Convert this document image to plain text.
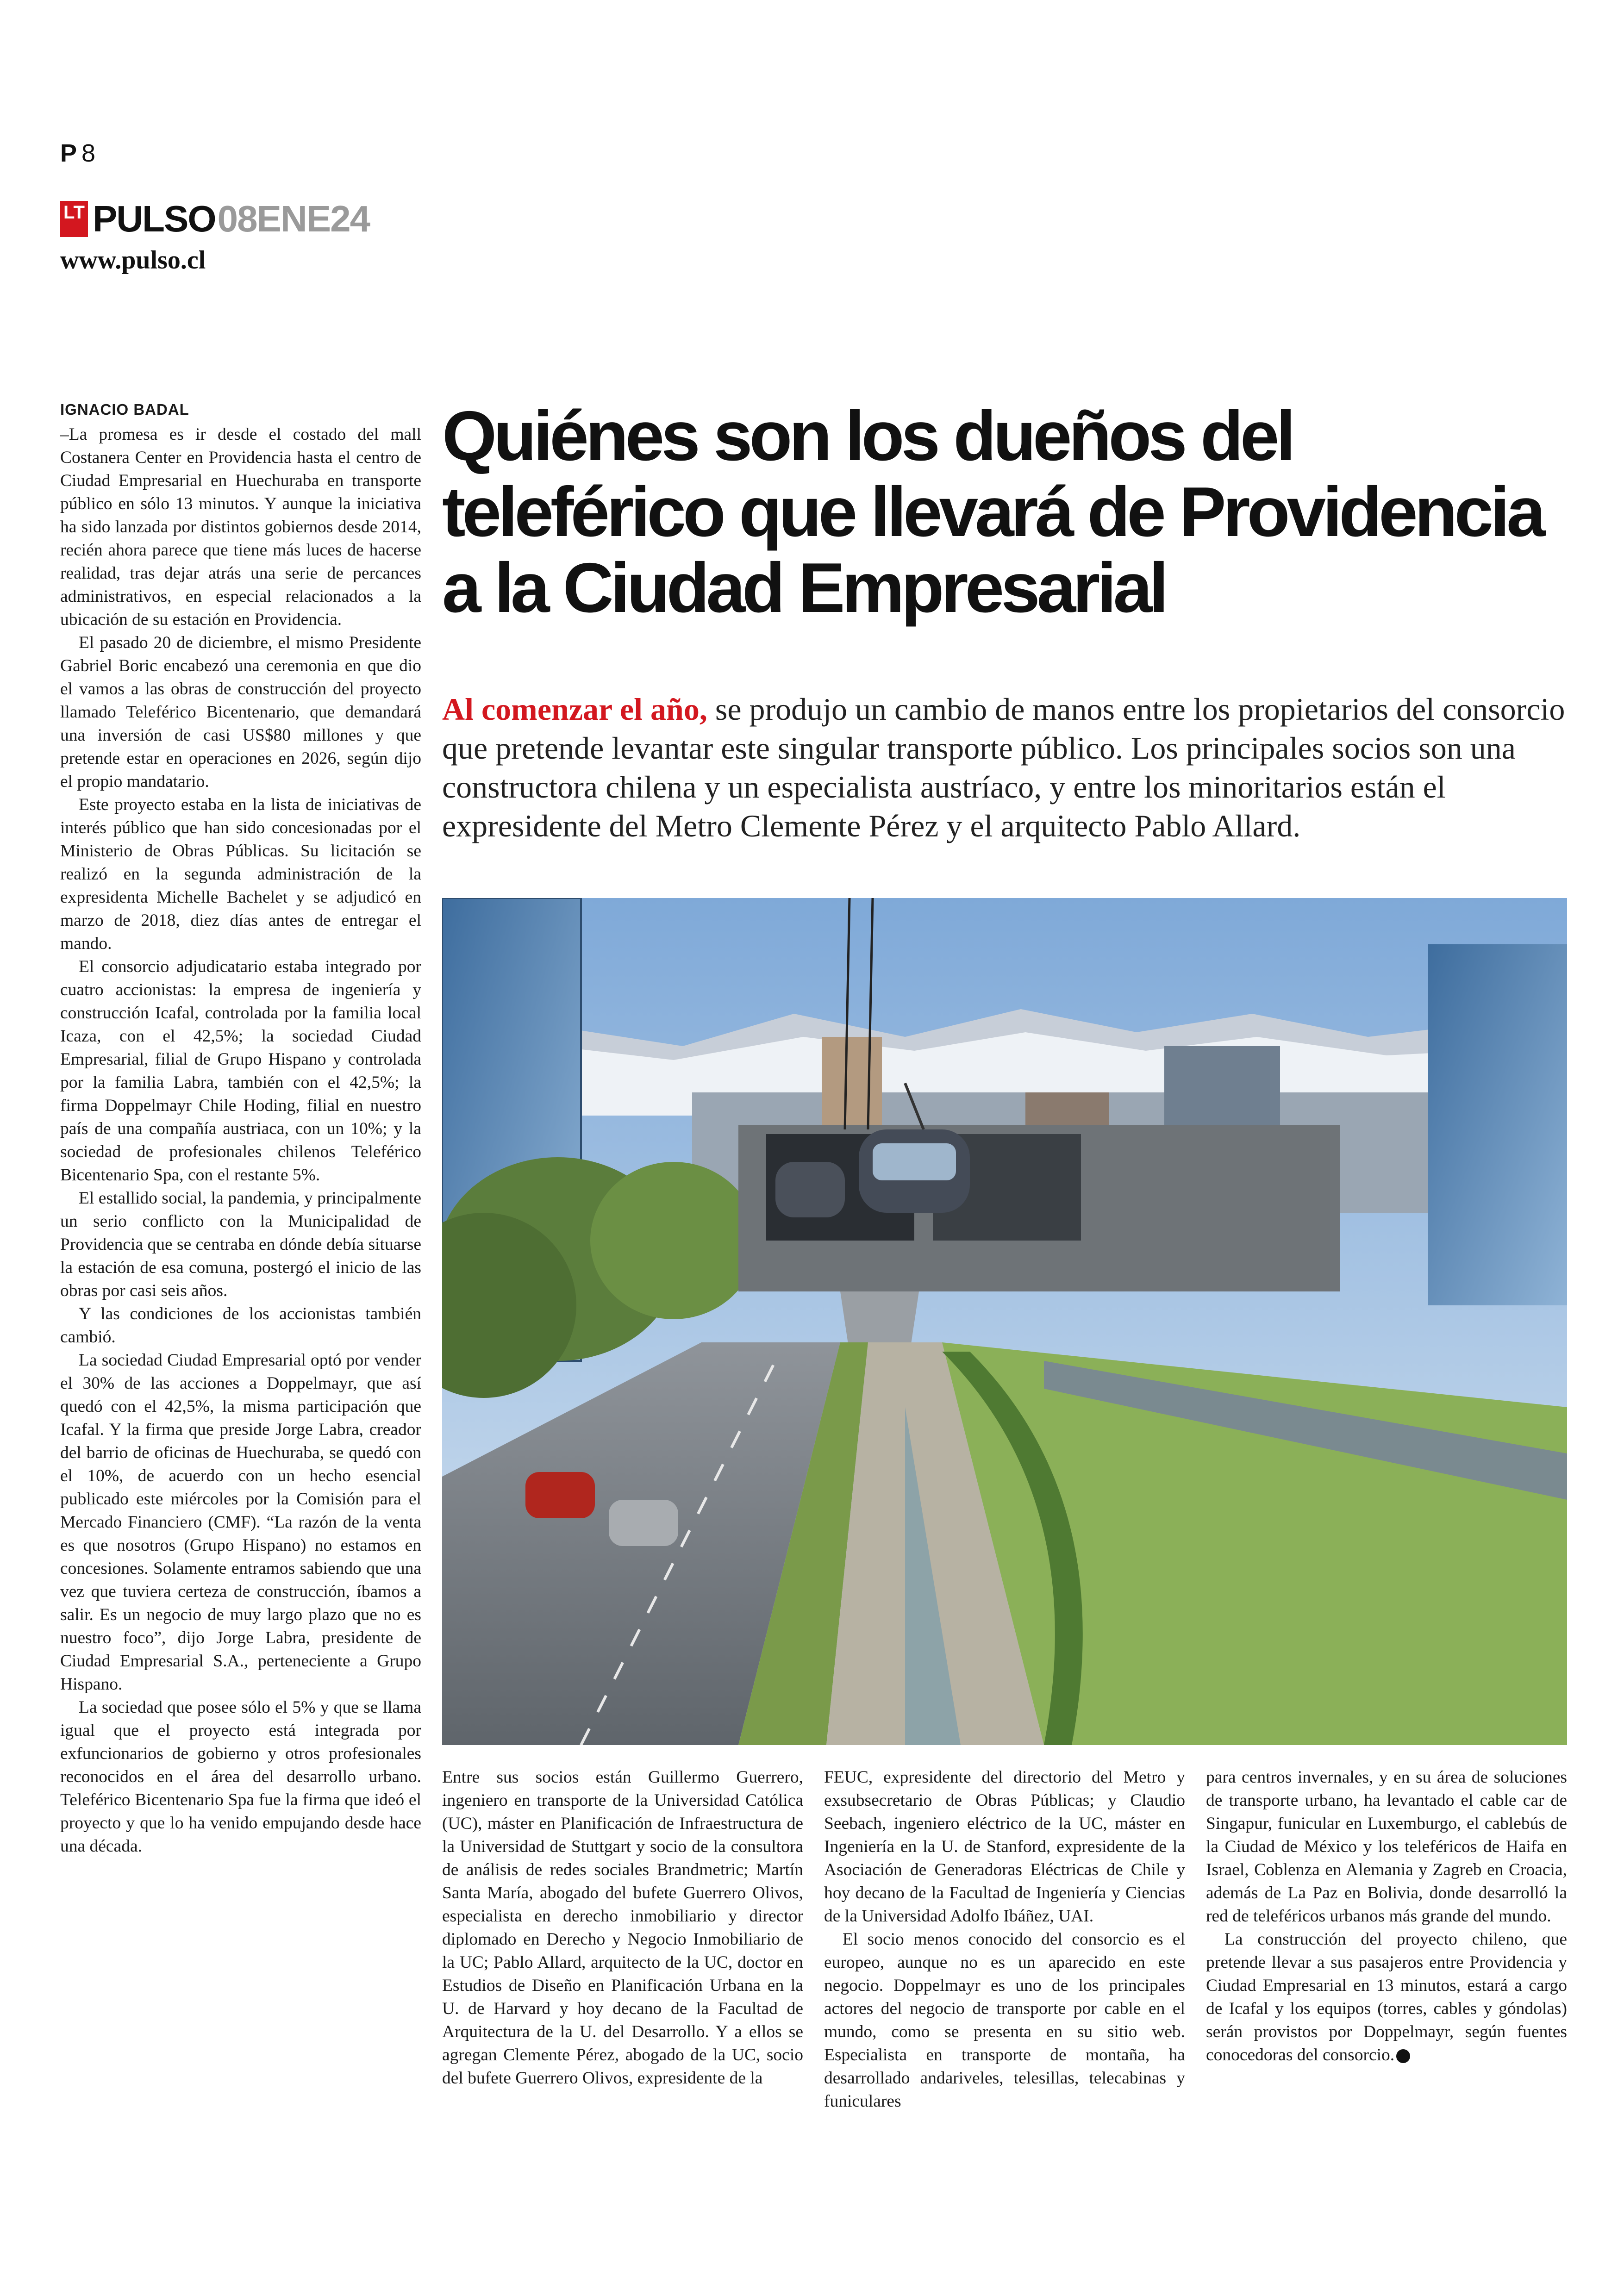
P 8
LT PULSO 08ENE24
www.pulso.cl
IGNACIO BADAL

–La promesa es ir desde el costado del mall Costanera Center en Providencia hasta el centro de Ciudad Empresarial en Huechuraba en transporte público en sólo 13 minutos. Y aunque la iniciativa ha sido lanzada por distintos gobiernos desde 2014, recién ahora parece que tiene más luces de hacerse realidad, tras dejar atrás una serie de percances administrativos, en especial relacionados a la ubicación de su estación en Providencia.

El pasado 20 de diciembre, el mismo Presidente Gabriel Boric encabezó una ceremonia en que dio el vamos a las obras de construcción del proyecto llamado Teleférico Bicentenario, que demandará una inversión de casi US$80 millones y que pretende estar en operaciones en 2026, según dijo el propio mandatario.

Este proyecto estaba en la lista de iniciativas de interés público que han sido concesionadas por el Ministerio de Obras Públicas. Su licitación se realizó en la segunda administración de la expresidenta Michelle Bachelet y se adjudicó en marzo de 2018, diez días antes de entregar el mando.

El consorcio adjudicatario estaba integrado por cuatro accionistas: la empresa de ingeniería y construcción Icafal, controlada por la familia local Icaza, con el 42,5%; la sociedad Ciudad Empresarial, filial de Grupo Hispano y controlada por la familia Labra, también con el 42,5%; la firma Doppelmayr Chile Hoding, filial en nuestro país de una compañía austriaca, con un 10%; y la sociedad de profesionales chilenos Teleférico Bicentenario Spa, con el restante 5%.

El estallido social, la pandemia, y principalmente un serio conflicto con la Municipalidad de Providencia que se centraba en dónde debía situarse la estación de esa comuna, postergó el inicio de las obras por casi seis años.

Y las condiciones de los accionistas también cambió.

La sociedad Ciudad Empresarial optó por vender el 30% de las acciones a Doppelmayr, que así quedó con el 42,5%, la misma participación que Icafal. Y la firma que preside Jorge Labra, creador del barrio de oficinas de Huechuraba, se quedó con el 10%, de acuerdo con un hecho esencial publicado este miércoles por la Comisión para el Mercado Financiero (CMF). “La razón de la venta es que nosotros (Grupo Hispano) no estamos en concesiones. Solamente entramos sabiendo que una vez que tuviera certeza de construcción, íbamos a salir. Es un negocio de muy largo plazo que no es nuestro foco”, dijo Jorge Labra, presidente de Ciudad Empresarial S.A., perteneciente a Grupo Hispano.

La sociedad que posee sólo el 5% y que se llama igual que el proyecto está integrada por exfuncionarios de gobierno y otros profesionales reconocidos en el área del desarrollo urbano. Teleférico Bicentenario Spa fue la firma que ideó el proyecto y que lo ha venido empujando desde hace una década.

Quiénes son los dueños del teleférico que llevará de Providencia a la Ciudad Empresarial

Al comenzar el año, se produjo un cambio de manos entre los propietarios del consorcio que pretende levantar este singular transporte público. Los principales socios son una constructora chilena y un especialista austríaco, y entre los minoritarios están el expresidente del Metro Clemente Pérez y el arquitecto Pablo Allard.

Entre sus socios están Guillermo Guerrero, ingeniero en transporte de la Universidad Católica (UC), máster en Planificación de Infraestructura de la Universidad de Stuttgart y socio de la consultora de análisis de redes sociales Brandmetric; Martín Santa María, abogado del bufete Guerrero Olivos, especialista en derecho inmobiliario y director diplomado en Derecho y Negocio Inmobiliario de la UC; Pablo Allard, arquitecto de la UC, doctor en Estudios de Diseño en Planificación Urbana en la U. de Harvard y hoy decano de la Facultad de Arquitectura de la U. del Desarrollo. Y a ellos se agregan Clemente Pérez, abogado de la UC, socio del bufete Guerrero Olivos, expresidente de la

FEUC, expresidente del directorio del Metro y exsubsecretario de Obras Públicas; y Claudio Seebach, ingeniero eléctrico de la UC, máster en Ingeniería en la U. de Stanford, expresidente de la Asociación de Generadoras Eléctricas de Chile y hoy decano de la Facultad de Ingeniería y Ciencias de la Universidad Adolfo Ibáñez, UAI.

El socio menos conocido del consorcio es el europeo, aunque no es un aparecido en este negocio. Doppelmayr es uno de los principales actores del negocio de transporte por cable en el mundo, como se presenta en su sitio web. Especialista en transporte de montaña, ha desarrollado andariveles, telesillas, telecabinas y funiculares

para centros invernales, y en su área de soluciones de transporte urbano, ha levantado el cable car de Singapur, funicular en Luxemburgo, el cablebús de la Ciudad de México y los teleféricos de Haifa en Israel, Coblenza en Alemania y Zagreb en Croacia, además de La Paz en Bolivia, donde desarrolló la red de teleféricos urbanos más grande del mundo.

La construcción del proyecto chileno, que pretende llevar a sus pasajeros entre Providencia y Ciudad Empresarial en 13 minutos, estará a cargo de Icafal y los equipos (torres, cables y góndolas) serán provistos por Doppelmayr, según fuentes conocedoras del consorcio. P
